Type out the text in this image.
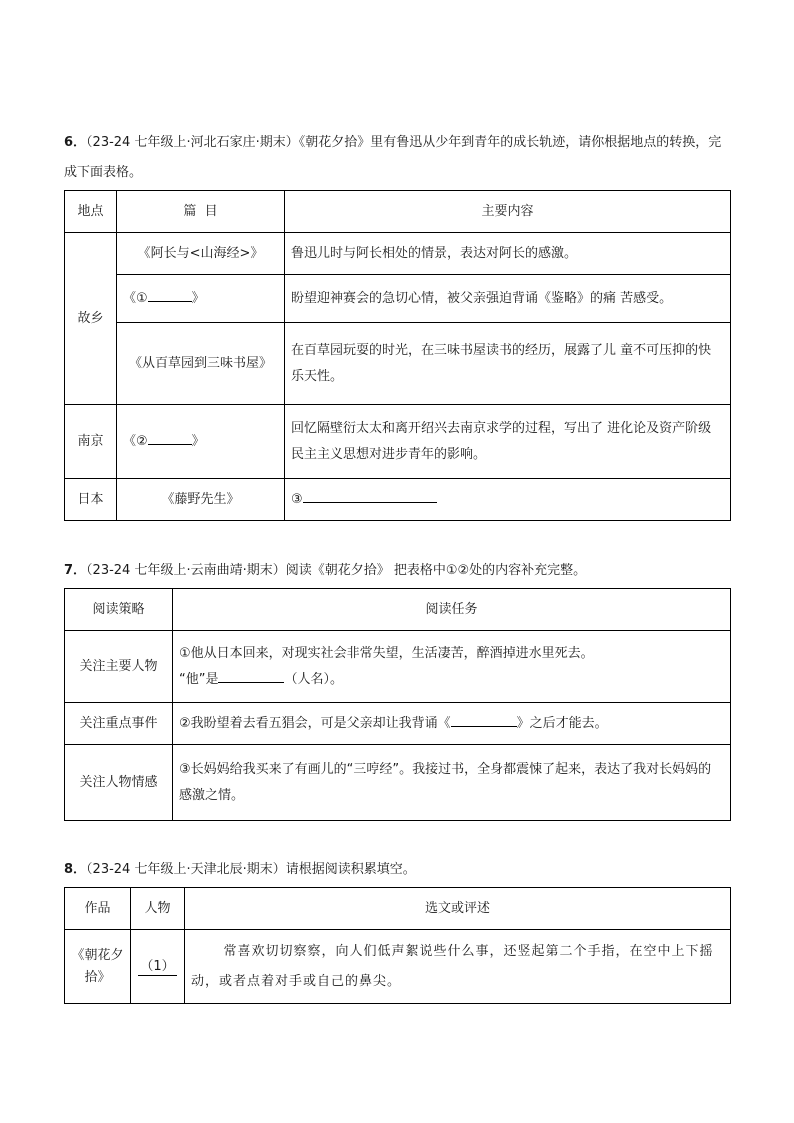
6．（23-24 七年级上·河北石家庄·期末）《朝花夕拾》里有鲁迅从少年到青年的成长轨迹，请你根据地点的转换，完成下面表格。

地点	篇  目	主要内容
故乡	《阿长与<山海经>》	鲁迅儿时与阿长相处的情景，表达对阿长的感激。
	《① 》	盼望迎神赛会的急切心情，被父亲强迫背诵《鉴略》的痛 苦感受。
	《从百草园到三味书屋》	在百草园玩耍的时光，在三味书屋读书的经历，展露了儿 童不可压抑的快乐天性。
南京	《② 》	回忆隔壁衍太太和离开绍兴去南京求学的过程，写出了 进化论及资产阶级民主主义思想对进步青年的影响。
日本	《藤野先生》	③

7．（23-24 七年级上·云南曲靖·期末）阅读《朝花夕拾》 把表格中①②处的内容补充完整。

阅读策略	阅读任务
关注主要人物	①他从日本回来，对现实社会非常失望，生活凄苦，醉酒掉进水里死去。
“他”是 （人名）。

关注重点事件	②我盼望着去看五猖会，可是父亲却让我背诵《 》之后才能去。
关注人物情感	③长妈妈给我买来了有画儿的“三哼经”。我接过书，全身都震悚了起来，表达了我对长妈妈的感激之情。

8．（23-24 七年级上·天津北辰·期末）请根据阅读积累填空。

作品	人物	选文或评述
《朝花夕拾》	（1）	常喜欢切切察察，向人们低声絮说些什么事，还竖起第二个手指，在空中上下摇动，或者点着对手或自己的鼻尖。
